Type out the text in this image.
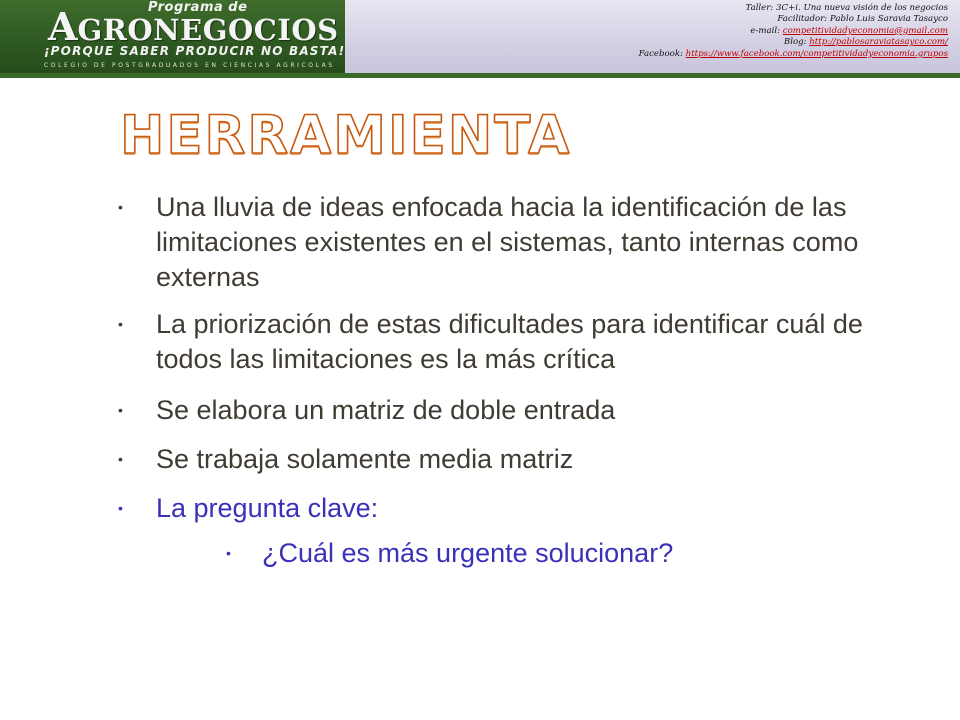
Programa de
AGRONEGOCIOS
¡PORQUE SABER PRODUCIR NO BASTA!
COLEGIO DE POSTGRADUADOS EN CIENCIAS AGRICOLAS
Taller: 3C+i. Una nueva visión de los negocios
Facilitador: Pablo Luis Saravia Tasayco
e-mail: competitividadyeconomia@gmail.com
Blog: http://pablosaraviatasayco.com/
Facebook: https://www.facebook.com/competitividadyeconomia.grupos
HERRAMIENTA
• Una lluvia de ideas enfocada hacia la identificación de las limitaciones existentes en el sistemas, tanto internas como externas
• La priorización de estas dificultades para identificar cuál de todos las limitaciones es la más crítica
• Se elabora un matriz de doble entrada
• Se trabaja solamente media matriz
• La pregunta clave:
• ¿Cuál es más urgente solucionar?
